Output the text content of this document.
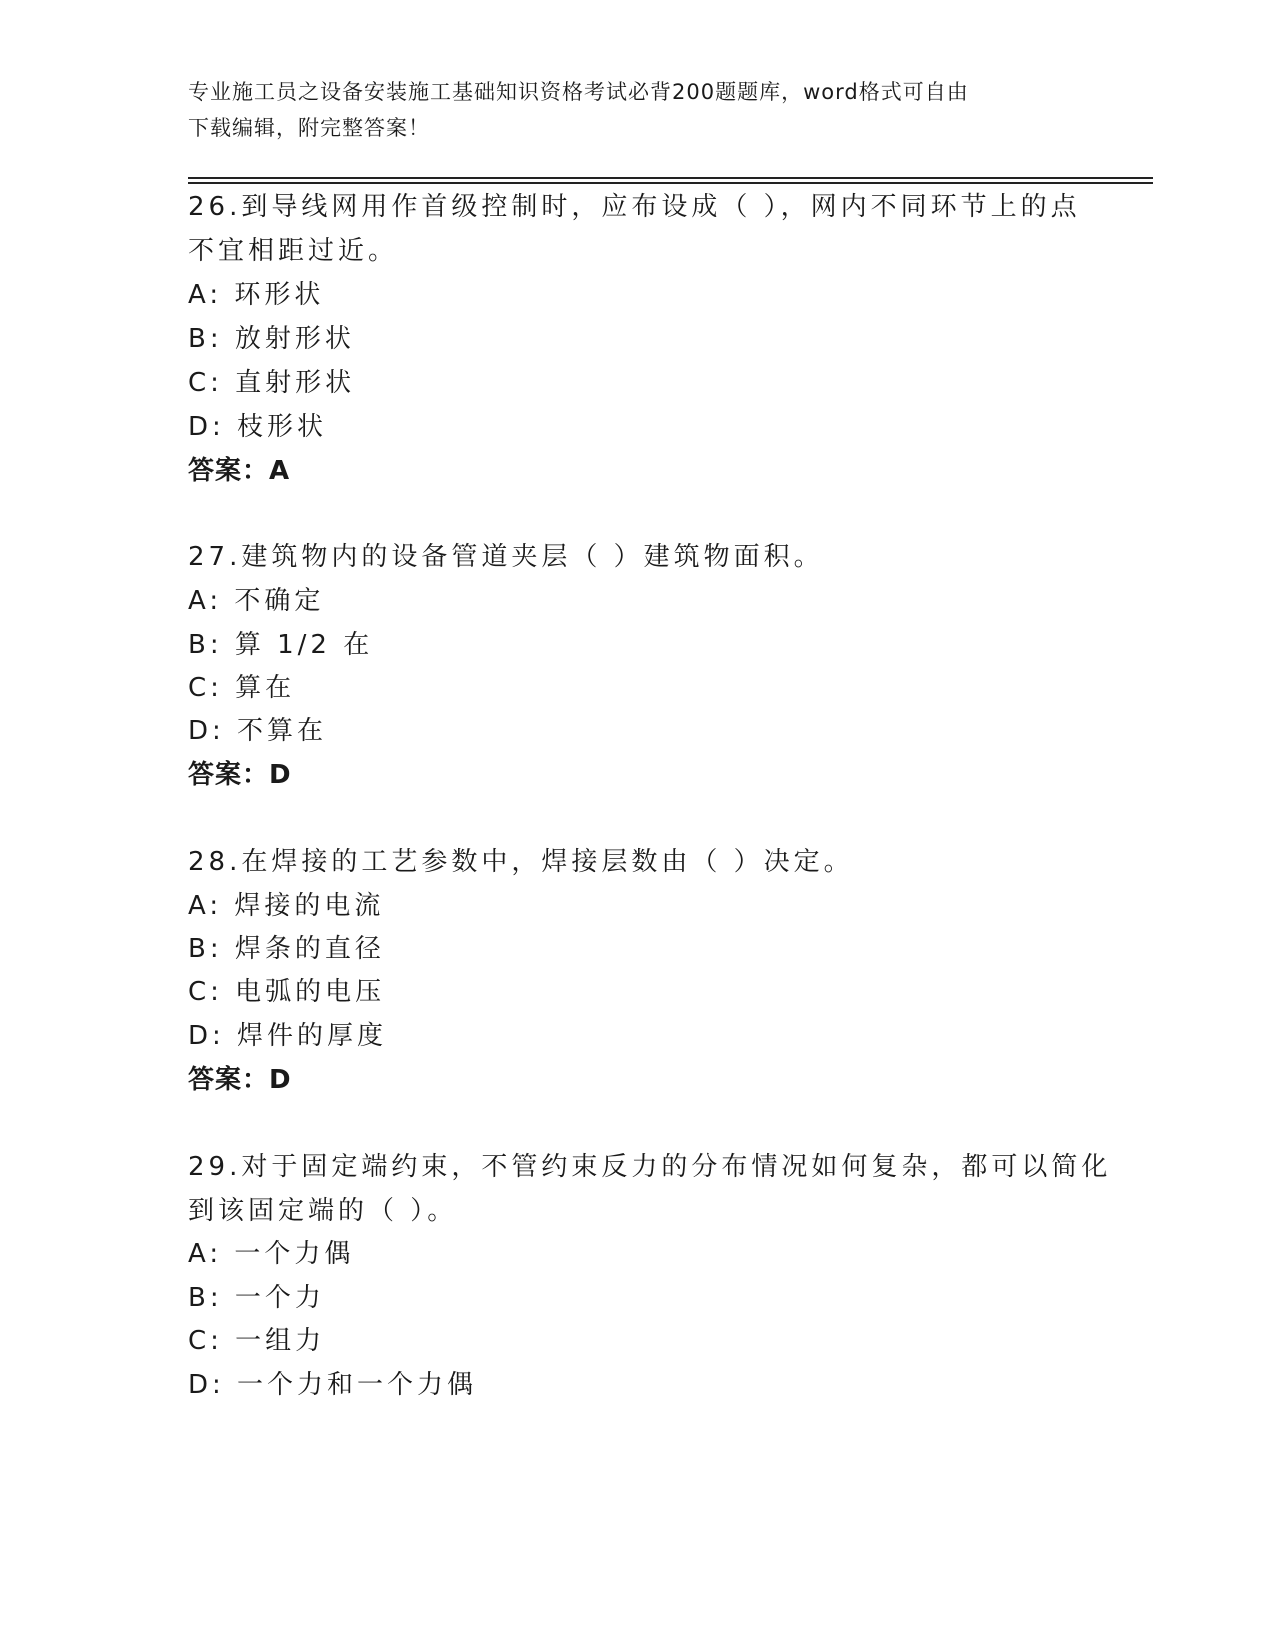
专业施工员之设备安装施工基础知识资格考试必背200题题库，word格式可自由
下载编辑，附完整答案！
26.到导线网用作首级控制时，应布设成（ ），网内不同环节上的点
不宜相距过近。
A: 环形状
B: 放射形状
C: 直射形状
D: 枝形状
答案：A
27.建筑物内的设备管道夹层（ ）建筑物面积。
A: 不确定
B: 算 1/2 在
C: 算在
D: 不算在
答案：D
28.在焊接的工艺参数中，焊接层数由（ ）决定。
A: 焊接的电流
B: 焊条的直径
C: 电弧的电压
D: 焊件的厚度
答案：D
29.对于固定端约束，不管约束反力的分布情况如何复杂，都可以简化
到该固定端的（ ）。
A: 一个力偶
B: 一个力
C: 一组力
D: 一个力和一个力偶
